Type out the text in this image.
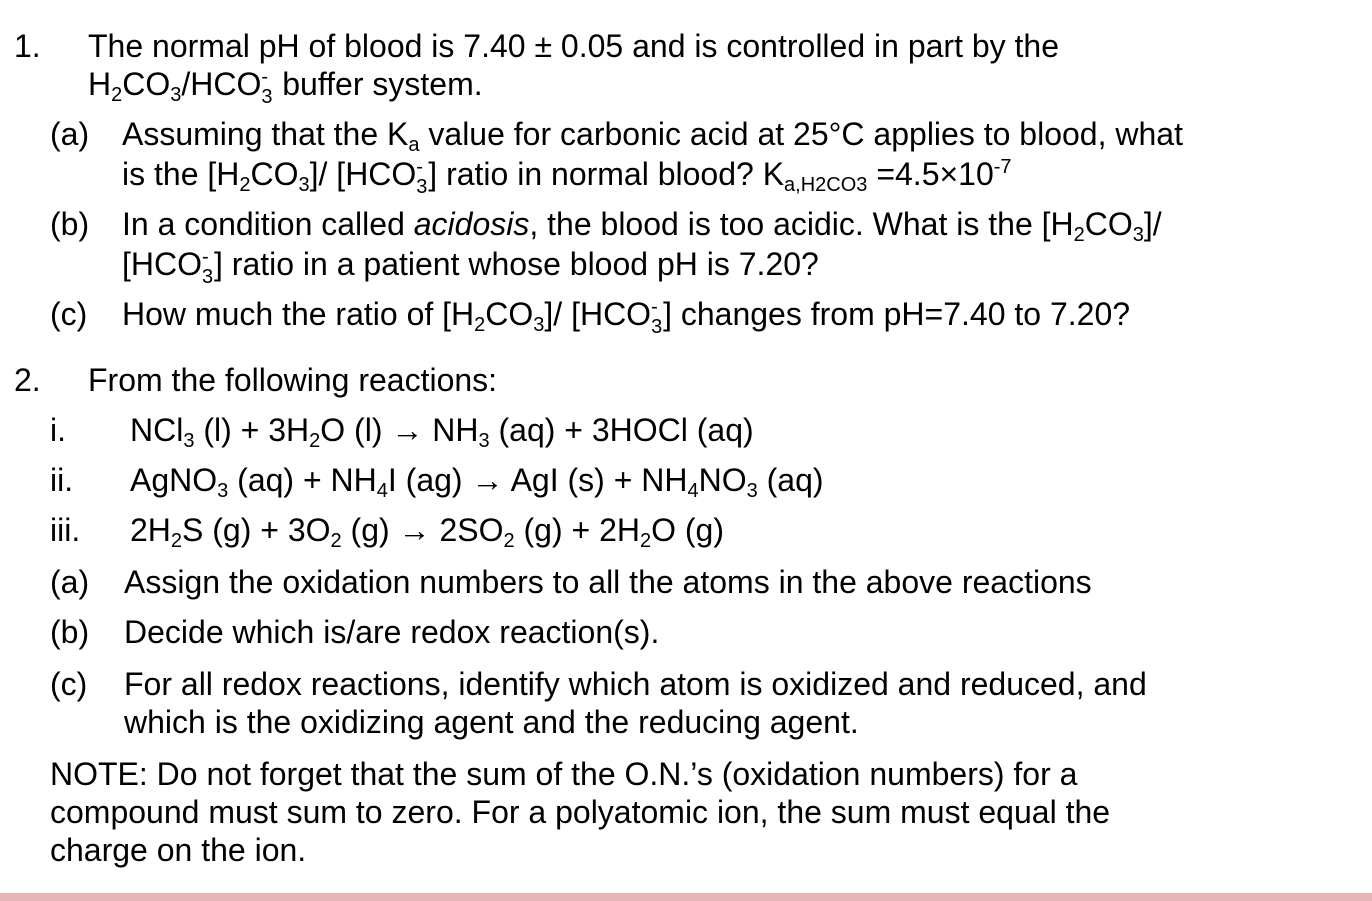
1. The normal pH of blood is 7.40 ± 0.05 and is controlled in part by the
$H_2CO_3$/HCO -
3 buffer system.
(a) Assuming that the $K_a$ value for carbonic acid at 25°C applies to blood, what
is the $[H_2CO_3]/$ [HCO -
3 ] ratio in normal blood? $K_{a,H2CO3} =4.5\times 10^{-7}$
(b) In a condition called acidosis, the blood is too acidic. What is the $[H_2CO_3]/$
[HCO -
3 ] ratio in a patient whose blood pH is 7.20?
(c) How much the ratio of $[H_2CO_3]/$ [HCO -
3 ] changes from pH=7.40 to 7.20?
2. From the following reactions:
i. NCl$_3$ $(l) + 3H_2O$ $(l) \to NH_3$ (aq) + 3HOCl (aq)
ii. AgNO$_3$ $(aq) + NH_4I$ (ag) → AgI $(s) + NH_4NO_3$ (aq)
iii. $2H_2S$ $(g) + 3O_2$ $(g) \to 2SO_2$ $(g) + 2H_2O$ (g)
(a) Assign the oxidation numbers to all the atoms in the above reactions
(b) Decide which is/are redox reaction(s).
(c) For all redox reactions, identify which atom is oxidized and reduced, and
which is the oxidizing agent and the reducing agent.
NOTE: Do not forget that the sum of the O.N.’s (oxidation numbers) for a
compound must sum to zero. For a polyatomic ion, the sum must equal the
charge on the ion.
